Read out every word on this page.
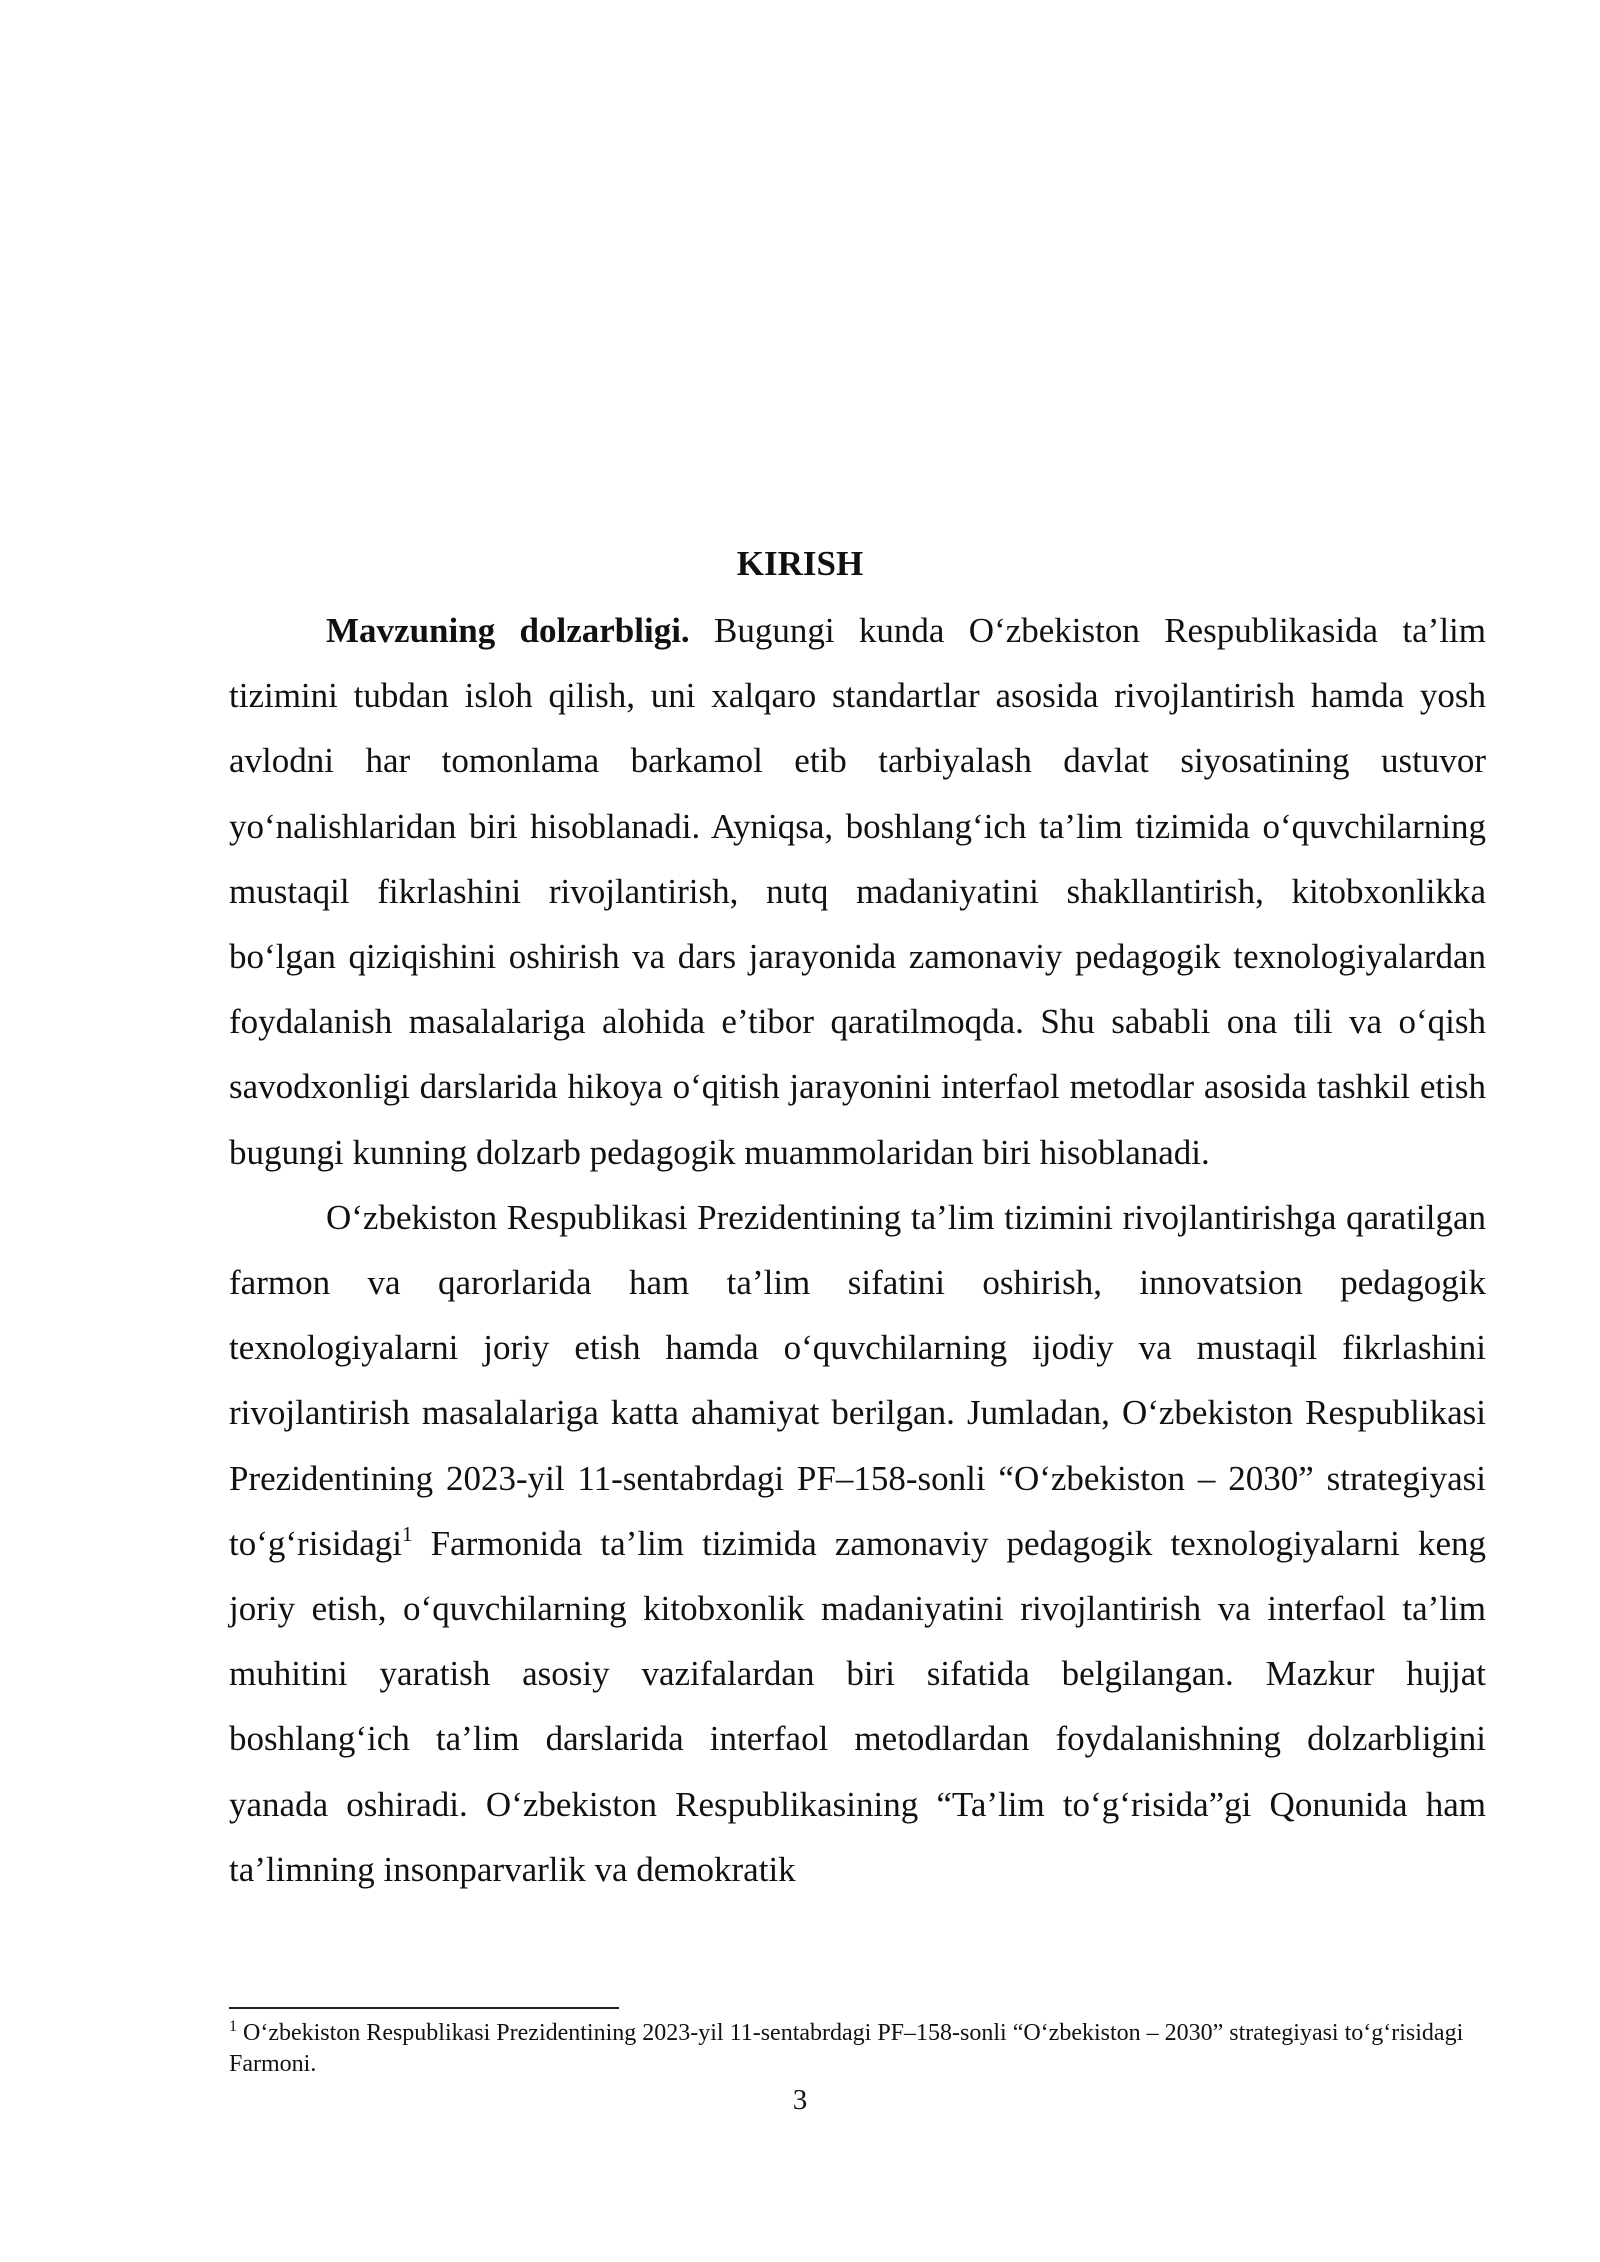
KIRISH

Mavzuning dolzarbligi. Bugungi kunda O‘zbekiston Respublikasida ta’lim tizimini tubdan isloh qilish, uni xalqaro standartlar asosida rivojlantirish hamda yosh avlodni har tomonlama barkamol etib tarbiyalash davlat siyosatining ustuvor yo‘nalishlaridan biri hisoblanadi. Ayniqsa, boshlang‘ich ta’lim tizimida o‘quvchilarning mustaqil fikrlashini rivojlantirish, nutq madaniyatini shakllantirish, kitobxonlikka bo‘lgan qiziqishini oshirish va dars jarayonida zamonaviy pedagogik texnologiyalardan foydalanish masalalariga alohida e’tibor qaratilmoqda. Shu sababli ona tili va o‘qish savodxonligi darslarida hikoya o‘qitish jarayonini interfaol metodlar asosida tashkil etish bugungi kunning dolzarb pedagogik muammolaridan biri hisoblanadi.

O‘zbekiston Respublikasi Prezidentining ta’lim tizimini rivojlantirishga qaratilgan farmon va qarorlarida ham ta’lim sifatini oshirish, innovatsion pedagogik texnologiyalarni joriy etish hamda o‘quvchilarning ijodiy va mustaqil fikrlashini rivojlantirish masalalariga katta ahamiyat berilgan. Jumladan, O‘zbekiston Respublikasi Prezidentining 2023-yil 11-sentabrdagi PF–158-sonli “O‘zbekiston – 2030” strategiyasi to‘g‘risidagi$^1$ Farmonida ta’lim tizimida zamonaviy pedagogik texnologiyalarni keng joriy etish, o‘quvchilarning kitobxonlik madaniyatini rivojlantirish va interfaol ta’lim muhitini yaratish asosiy vazifalardan biri sifatida belgilangan. Mazkur hujjat boshlang‘ich ta’lim darslarida interfaol metodlardan foydalanishning dolzarbligini yanada oshiradi. O‘zbekiston Respublikasining “Ta’lim to‘g‘risida”gi Qonunida ham ta’limning insonparvarlik va demokratik

$^1$ O‘zbekiston Respublikasi Prezidentining 2023-yil 11-sentabrdagi PF–158-sonli “O‘zbekiston – 2030” strategiyasi to‘g‘risidagi Farmoni.

3
